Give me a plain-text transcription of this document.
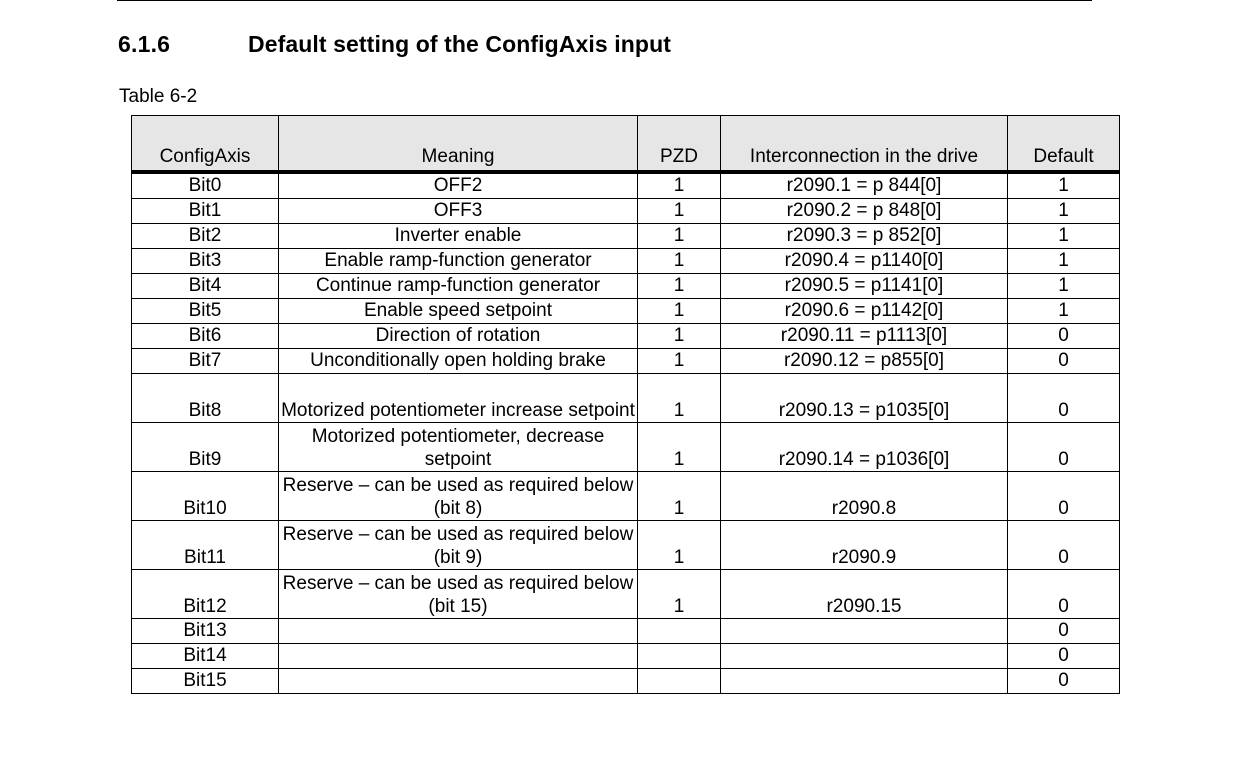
6.1.6	Default setting of the ConfigAxis input
Table 6-2
ConfigAxis	Meaning	PZD	Interconnection in the drive	Default
Bit0	OFF2	1	r2090.1 = p 844[0]	1
Bit1	OFF3	1	r2090.2 = p 848[0]	1
Bit2	Inverter enable	1	r2090.3 = p 852[0]	1
Bit3	Enable ramp-function generator	1	r2090.4 = p1140[0]	1
Bit4	Continue ramp-function generator	1	r2090.5 = p1141[0]	1
Bit5	Enable speed setpoint	1	r2090.6 = p1142[0]	1
Bit6	Direction of rotation	1	r2090.11 = p1113[0]	0
Bit7	Unconditionally open holding brake	1	r2090.12 = p855[0]	0
Bit8	Motorized potentiometer increase setpoint	1	r2090.13 = p1035[0]	0
Bit9	Motorized potentiometer, decrease setpoint	1	r2090.14 = p1036[0]	0
Bit10	Reserve – can be used as required below (bit 8)	1	r2090.8	0
Bit11	Reserve – can be used as required below (bit 9)	1	r2090.9	0
Bit12	Reserve – can be used as required below (bit 15)	1	r2090.15	0
Bit13				0
Bit14				0
Bit15				0
